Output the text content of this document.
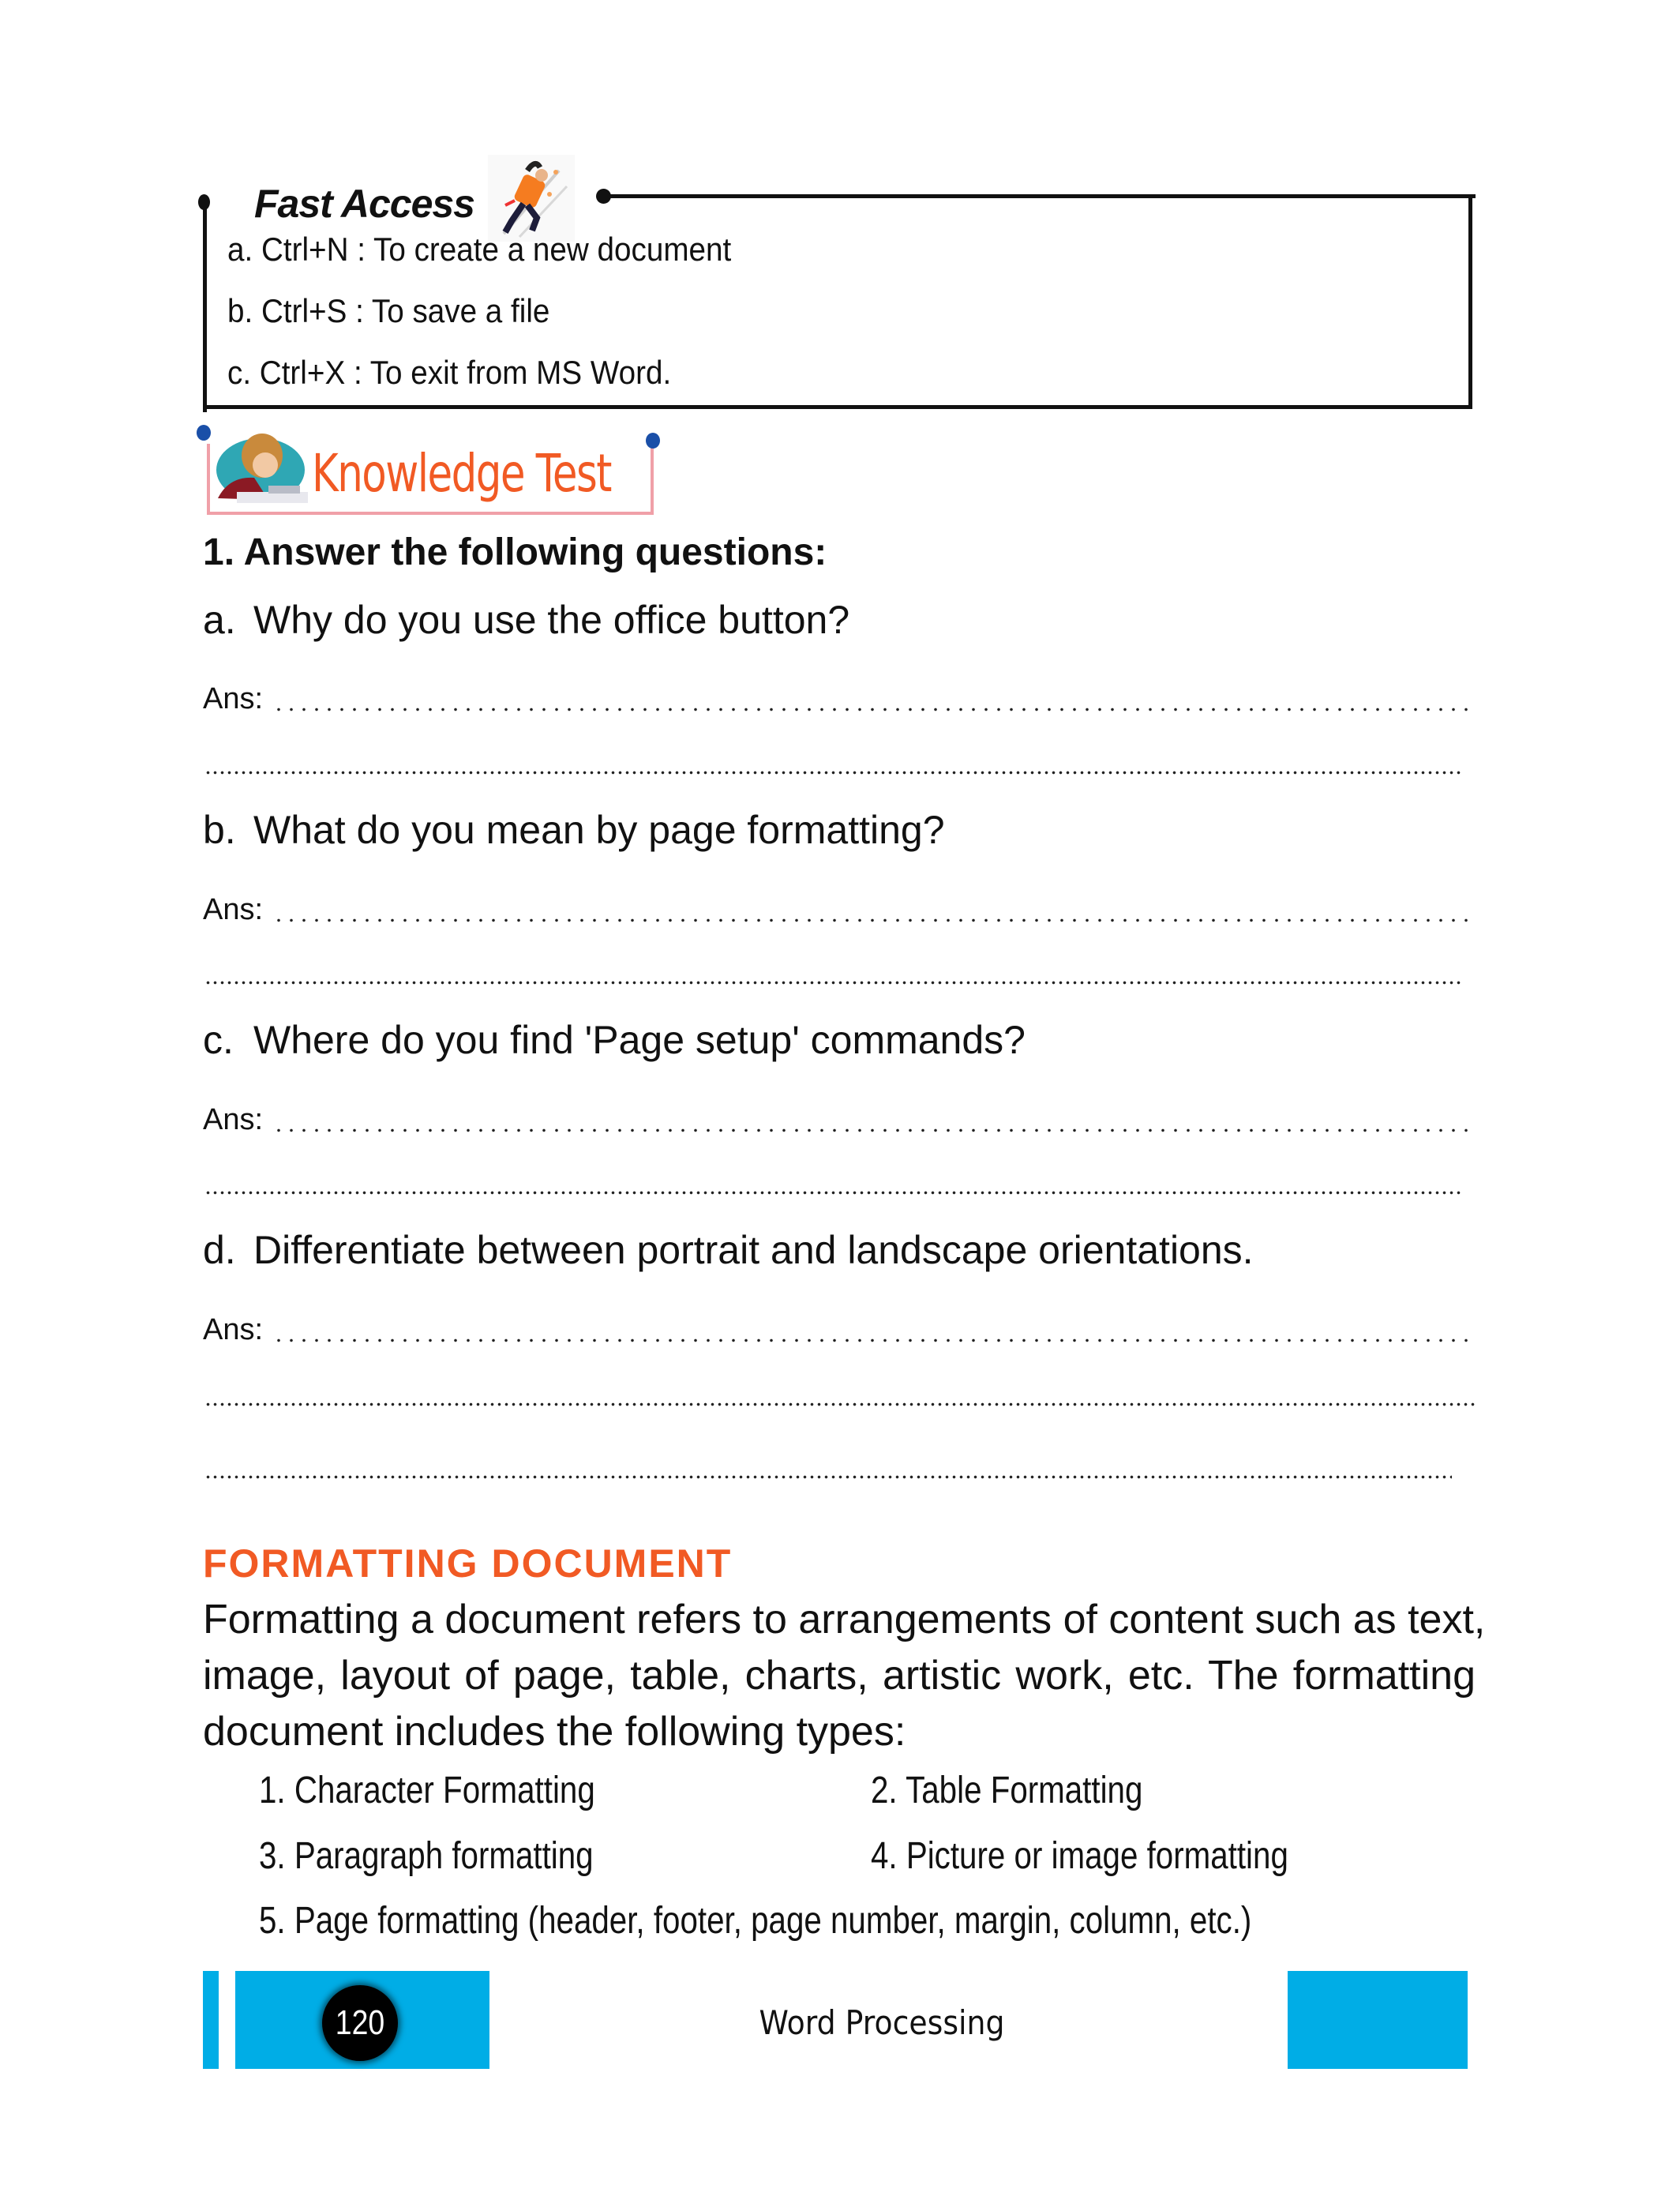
Fast Access
a. Ctrl+N : To create a new document
b. Ctrl+S : To save a file
c. Ctrl+X : To exit from MS Word.
Knowledge Test
1. Answer the following questions:
a. Why do you use the office button?
Ans:
b. What do you mean by page formatting?
Ans:
c. Where do you find 'Page setup' commands?
Ans:
d. Differentiate between portrait and landscape orientations.
Ans:
FORMATTING DOCUMENT
Formatting a document refers to arrangements of content such as text,
image, layout of page, table, charts, artistic work, etc. The formatting
document includes the following types:
1. Character Formatting	2. Table Formatting
3. Paragraph formatting	4. Picture or image formatting
5. Page formatting (header, footer, page number, margin, column, etc.)
120	Word Processing
